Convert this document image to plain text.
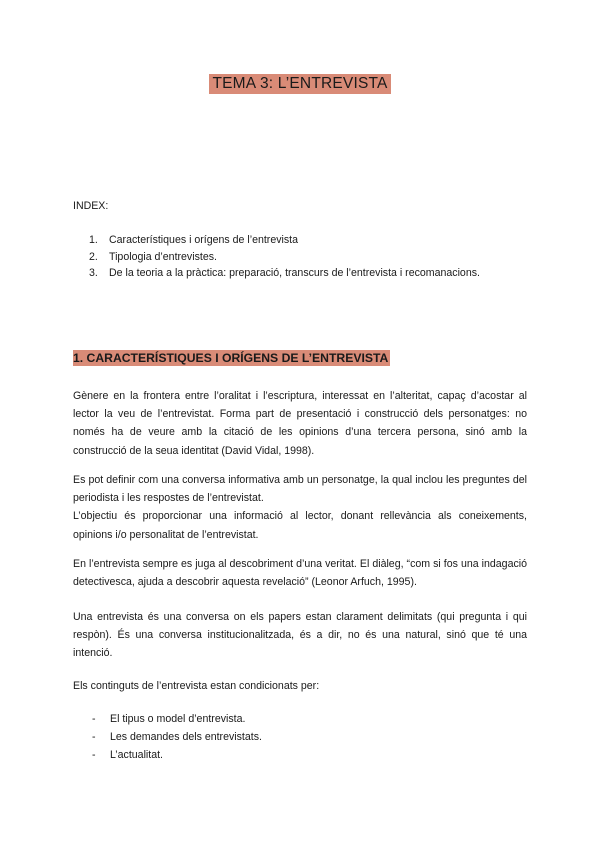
TEMA 3: L’ENTREVISTA
INDEX:
1. Característiques i orígens de l’entrevista
2. Tipologia d’entrevistes.
3. De la teoria a la pràctica: preparació, transcurs de l’entrevista i recomanacions.
1. CARACTERÍSTIQUES I ORÍGENS DE L’ENTREVISTA

Gènere en la frontera entre l’oralitat i l’escriptura, interessat en l’alteritat, capaç d’acostar al lector la veu de l’entrevistat. Forma part de presentació i construcció dels personatges: no només ha de veure amb la citació de les opinions d’una tercera persona, sinó amb la construcció de la seua identitat (David Vidal, 1998).

Es pot definir com una conversa informativa amb un personatge, la qual inclou les preguntes del periodista i les respostes de l’entrevistat.
L’objectiu és proporcionar una informació al lector, donant rellevància als coneixements, opinions i/o personalitat de l’entrevistat.

En l’entrevista sempre es juga al descobriment d’una veritat. El diàleg, “com si fos una indagació detectivesca, ajuda a descobrir aquesta revelació” (Leonor Arfuch, 1995).

Una entrevista és una conversa on els papers estan clarament delimitats (qui pregunta i qui respòn). És una conversa institucionalitzada, és a dir, no és una natural, sinó que té una intenció.

Els continguts de l’entrevista estan condicionats per:

- El tipus o model d’entrevista.
- Les demandes dels entrevistats.
- L’actualitat.
